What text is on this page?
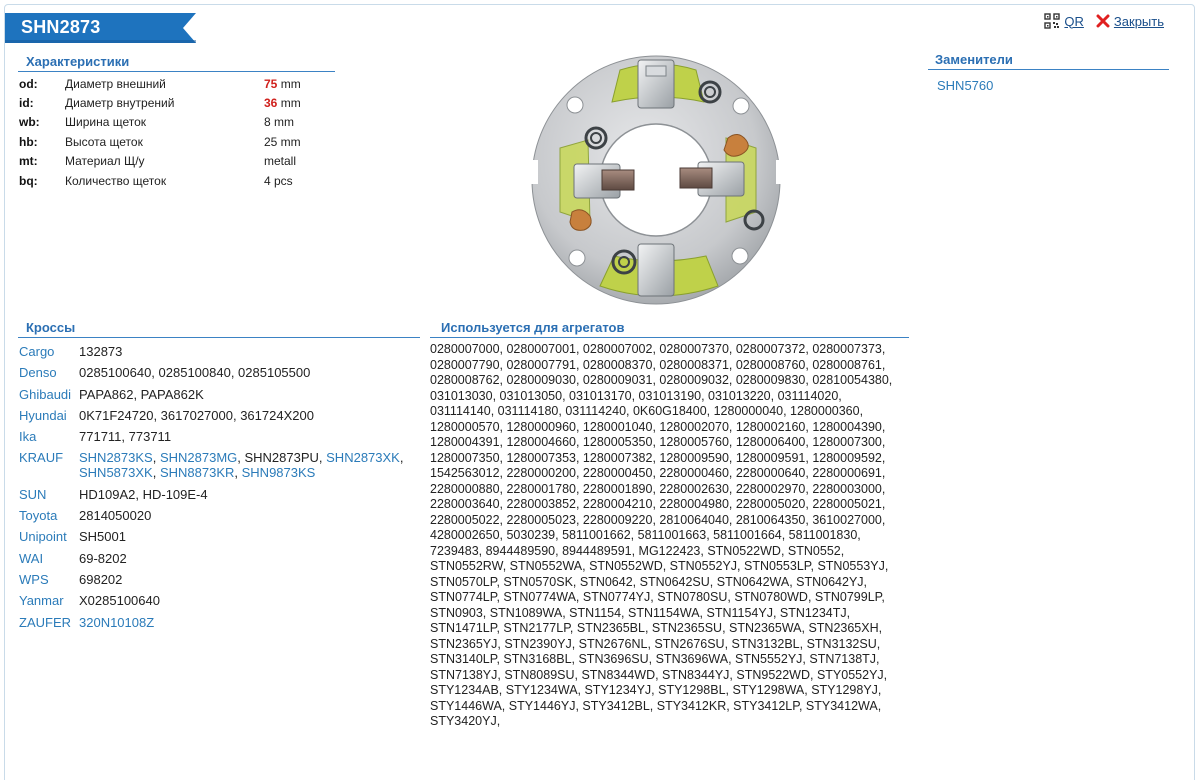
SHN2873	QR Закрыть
Характеристики
od:	Диаметр внешний	75 mm
id:	Диаметр внутрений	36 mm
wb:	Ширина щеток	8 mm
hb:	Высота щеток	25 mm
mt:	Материал Щ/у	metall
bq:	Количество щеток	4 pcs
Заменители
SHN5760
Кроссы
Cargo	132873
Denso	0285100640, 0285100840, 0285105500
Ghibaudi	PAPA862, PAPA862K
Hyundai	0K71F24720, 3617027000, 361724X200
Ika	771711, 773711
KRAUF	SHN2873KS, SHN2873MG, SHN2873PU, SHN2873XK, SHN5873XK, SHN8873KR, SHN9873KS
SUN	HD109A2, HD-109E-4
Toyota	2814050020
Unipoint	SH5001
WAI	69-8202
WPS	698202
Yanmar	X0285100640
ZAUFER	320N10108Z
Используется для агрегатов
0280007000, 0280007001, 0280007002, 0280007370, 0280007372, 0280007373, 0280007790, 0280007791, 0280008370, 0280008371, 0280008760, 0280008761, 0280008762, 0280009030, 0280009031, 0280009032, 0280009830, 02810054380, 031013030, 031013050, 031013170, 031013190, 031013220, 031114020, 031114140, 031114180, 031114240, 0K60G18400, 1280000040, 1280000360, 1280000570, 1280000960, 1280001040, 1280002070, 1280002160, 1280004390, 1280004391, 1280004660, 1280005350, 1280005760, 1280006400, 1280007300, 1280007350, 1280007353, 1280007382, 1280009590, 1280009591, 1280009592, 1542563012, 2280000200, 2280000450, 2280000460, 2280000640, 2280000691, 2280000880, 2280001780, 2280001890, 2280002630, 2280002970, 2280003000, 2280003640, 2280003852, 2280004210, 2280004980, 2280005020, 2280005021, 2280005022, 2280005023, 2280009220, 2810064040, 2810064350, 3610027000, 4280002650, 5030239, 5811001662, 5811001663, 5811001664, 5811001830, 7239483, 8944489590, 8944489591, MG122423, STN0522WD, STN0552, STN0552RW, STN0552WA, STN0552WD, STN0552YJ, STN0553LP, STN0553YJ, STN0570LP, STN0570SK, STN0642, STN0642SU, STN0642WA, STN0642YJ, STN0774LP, STN0774WA, STN0774YJ, STN0780SU, STN0780WD, STN0799LP, STN0903, STN1089WA, STN1154, STN1154WA, STN1154YJ, STN1234TJ, STN1471LP, STN2177LP, STN2365BL, STN2365SU, STN2365WA, STN2365XH, STN2365YJ, STN2390YJ, STN2676NL, STN2676SU, STN3132BL, STN3132SU, STN3140LP, STN3168BL, STN3696SU, STN3696WA, STN5552YJ, STN7138TJ, STN7138YJ, STN8089SU, STN8344WD, STN8344YJ, STN9522WD, STY0552YJ, STY1234AB, STY1234WA, STY1234YJ, STY1298BL, STY1298WA, STY1298YJ, STY1446WA, STY1446YJ, STY3412BL, STY3412KR, STY3412LP, STY3412WA, STY3420YJ,
